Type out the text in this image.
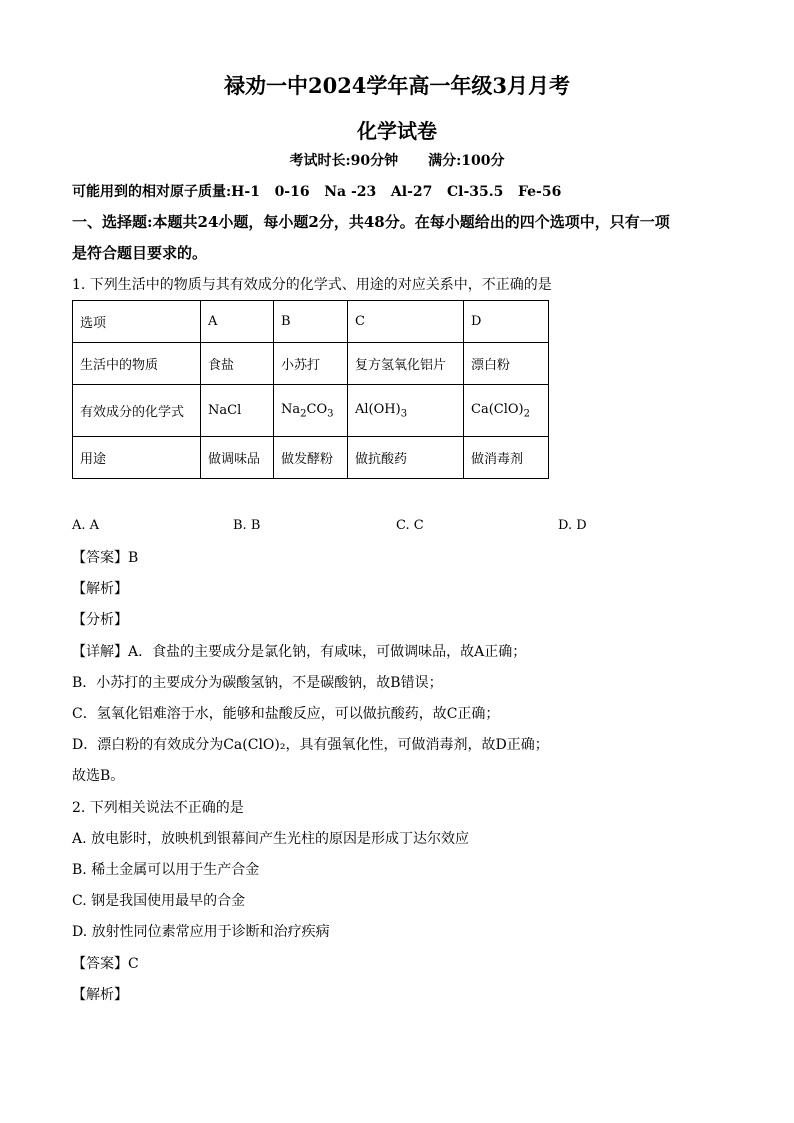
禄劝一中2024学年高一年级3月月考
化学试卷
考试时长:90分钟 满分:100分
可能用到的相对原子质量:H-1   0-16   Na -23   Al-27   Cl-35.5   Fe-56
一、选择题:本题共24小题，每小题2分，共48分。在每小题给出的四个选项中，只有一项
是符合题目要求的。
1. 下列生活中的物质与其有效成分的化学式、用途的对应关系中，不正确的是
选项	A	B	C	D
生活中的物质	食盐	小苏打	复方氢氧化铝片	漂白粉
有效成分的化学式	NaCl	$Na_2CO_3$	$Al(OH)_3$	$Ca(ClO)_2$
用途	做调味品	做发酵粉	做抗酸药	做消毒剂
A. A	B. B	C. C	D. D
【答案】B
【解析】
【分析】
【详解】A．食盐的主要成分是氯化钠，有咸味，可做调味品，故A正确；
B．小苏打的主要成分为碳酸氢钠，不是碳酸钠，故B错误；
C．氢氧化铝难溶于水，能够和盐酸反应，可以做抗酸药，故C正确；
D．漂白粉的有效成分为Ca(ClO)₂，具有强氧化性，可做消毒剂，故D正确；
故选B。
2. 下列相关说法不正确的是
A. 放电影时，放映机到银幕间产生光柱的原因是形成丁达尔效应
B. 稀土金属可以用于生产合金
C. 钢是我国使用最早的合金
D. 放射性同位素常应用于诊断和治疗疾病
【答案】C
【解析】
